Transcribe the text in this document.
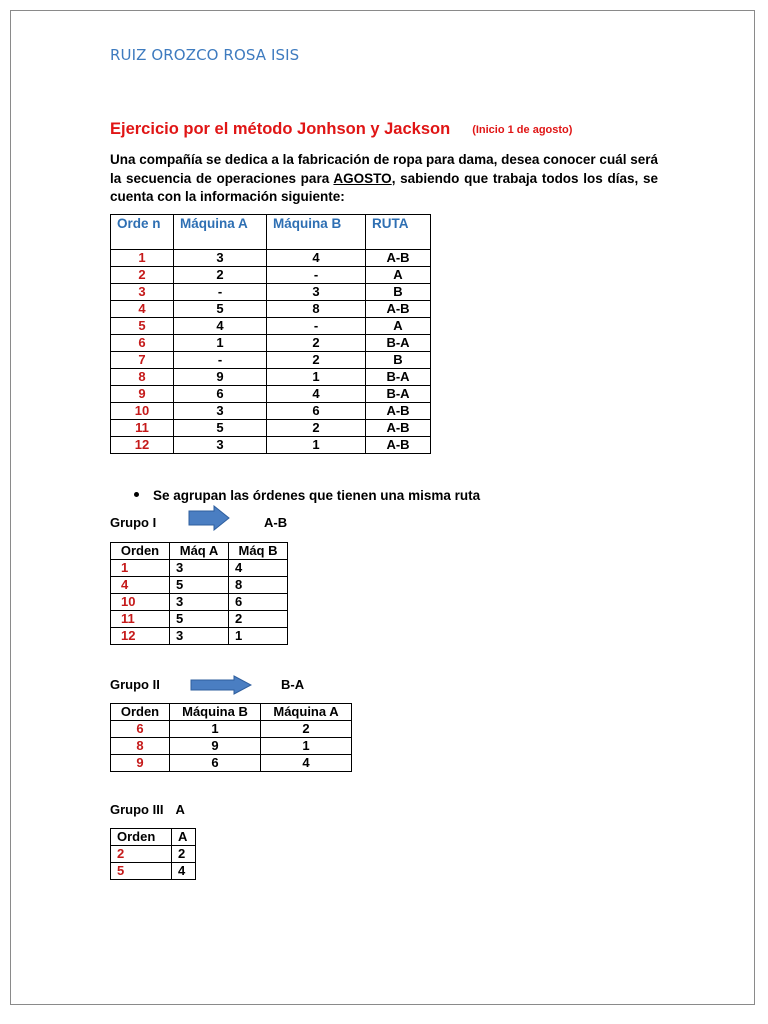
RUIZ OROZCO ROSA ISIS
Ejercicio por el método Jonhson y Jackson (Inicio 1 de agosto)
Una compañía se dedica a la fabricación de ropa para dama, desea conocer cuál será la secuencia de operaciones para AGOSTO, sabiendo que trabaja todos los días, se cuenta con la información siguiente:
Orde n	Máquina A	Máquina B	RUTA
1	3	4	A-B
2	2	-	A
3	-	3	B
4	5	8	A-B
5	4	-	A
6	1	2	B-A
7	-	2	B
8	9	1	B-A
9	6	4	B-A
10	3	6	A-B
11	5	2	A-B
12	3	1	A-B
Se agrupan las órdenes que tienen una misma ruta
Grupo I	A-B
Orden	Máq A	Máq B
1	3	4
4	5	8
10	3	6
11	5	2
12	3	1
Grupo II	B-A
Orden	Máquina B	Máquina A
6	1	2
8	9	1
9	6	4
Grupo III A
Orden	A
2	2
5	4
